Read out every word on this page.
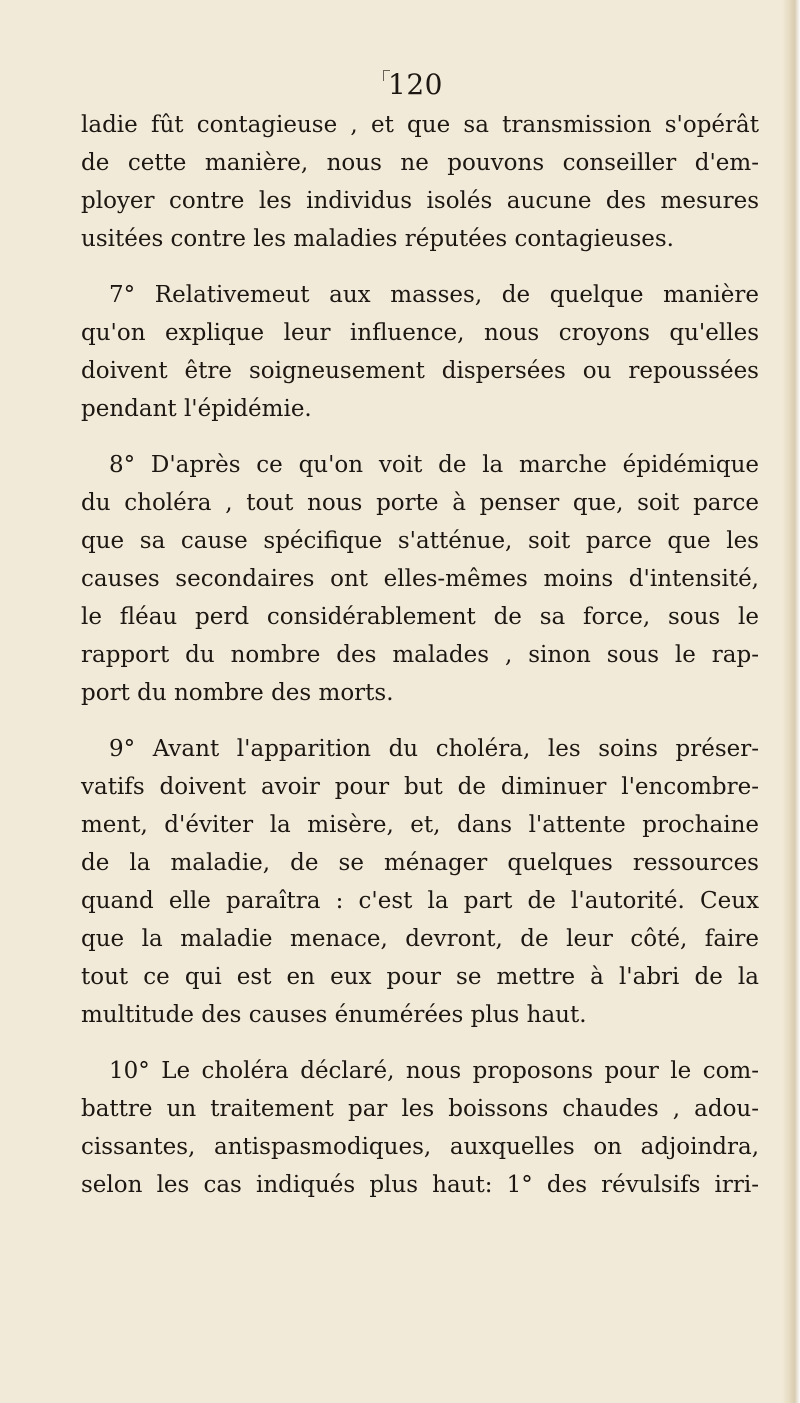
120
ladie fût contagieuse , et que sa transmission s'opérât
de cette manière, nous ne pouvons conseiller d'em-
ployer contre les individus isolés aucune des mesures
usitées contre les maladies réputées contagieuses.
7° Relativemeut aux masses, de quelque manière
qu'on explique leur influence, nous croyons qu'elles
doivent être soigneusement dispersées ou repoussées
pendant l'épidémie.
8° D'après ce qu'on voit de la marche épidémique
du choléra , tout nous porte à penser que, soit parce
que sa cause spécifique s'atténue, soit parce que les
causes secondaires ont elles-mêmes moins d'intensité,
le fléau perd considérablement de sa force, sous le
rapport du nombre des malades , sinon sous le rap-
port du nombre des morts.
9° Avant l'apparition du choléra, les soins préser-
vatifs doivent avoir pour but de diminuer l'encombre-
ment, d'éviter la misère, et, dans l'attente prochaine
de la maladie, de se ménager quelques ressources
quand elle paraîtra : c'est la part de l'autorité. Ceux
que la maladie menace, devront, de leur côté, faire
tout ce qui est en eux pour se mettre à l'abri de la
multitude des causes énumérées plus haut.
10° Le choléra déclaré, nous proposons pour le com-
battre un traitement par les boissons chaudes , adou-
cissantes, antispasmodiques, auxquelles on adjoindra,
selon les cas indiqués plus haut: 1° des révulsifs irri-
